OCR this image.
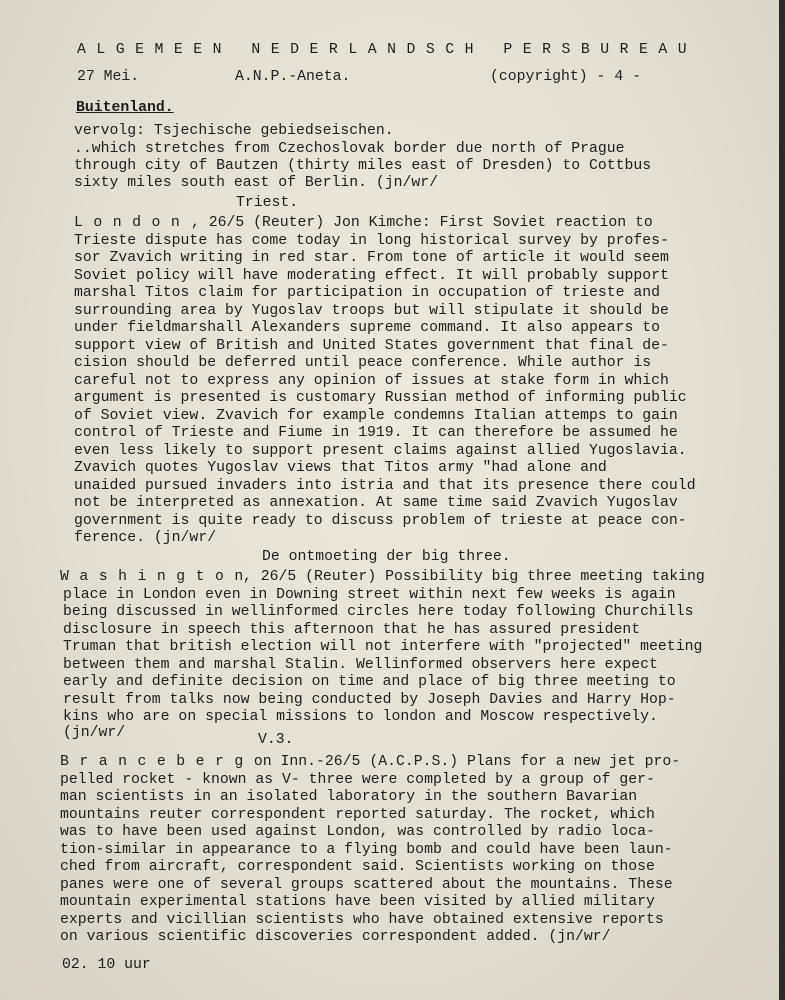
ALGEMEEN NEDERLANDSCH PERSBUREAU
27 Mei.	A.N.P.-Aneta.	(copyright) - 4 -
Buitenland.
vervolg: Tsjechische gebiedseischen.
..which stretches from Czechoslovak border due north of Prague
through city of Bautzen (thirty miles east of Dresden) to Cottbus
sixty miles south east of Berlin. (jn/wr/
Triest.
London , 26/5 (Reuter) Jon Kimche: First Soviet reaction to
Trieste dispute has come today in long historical survey by profes-
sor Zvavich writing in red star. From tone of article it would seem
Soviet policy will have moderating effect. It will probably support
marshal Titos claim for participation in occupation of trieste and
surrounding area by Yugoslav troops but will stipulate it should be
under fieldmarshall Alexanders supreme command. It also appears to
support view of British and United States government that final de-
cision should be deferred until peace conference. While author is
careful not to express any opinion of issues at stake form in which
argument is presented is customary Russian method of informing public
of Soviet view. Zvavich for example condemns Italian attemps to gain
control of Trieste and Fiume in 1919. It can therefore be assumed he
even less likely to support present claims against allied Yugoslavia.
Zvavich quotes Yugoslav views that Titos army "had alone and
unaided pursued invaders into istria and that its presence there could
not be interpreted as annexation. At same time said Zvavich Yugoslav
government is quite ready to discuss problem of trieste at peace con-
ference. (jn/wr/
De ontmoeting der big three.
Washington
, 26/5 (Reuter) Possibility big three meeting taking
place in London even in Downing street within next few weeks is again
being discussed in wellinformed circles here today following Churchills
disclosure in speech this afternoon that he has assured president
Truman that british election will not interfere with "projected" meeting
between them and marshal Stalin. Wellinformed observers here expect
early and definite decision on time and place of big three meeting to
result from talks now being conducted by Joseph Davies and Harry Hop-
kins who are on special missions to london and Moscow respectively.
(jn/wr/	V.3.
Branceberg
on Inn.-26/5 (A.C.P.S.) Plans for a new jet pro-
pelled rocket - known as V- three were completed by a group of ger-
man scientists in an isolated laboratory in the southern Bavarian
mountains reuter correspondent reported saturday. The rocket, which
was to have been used against London, was controlled by radio loca-
tion-similar in appearance to a flying bomb and could have been laun-
ched from aircraft, correspondent said. Scientists working on those
panes were one of several groups scattered about the mountains. These
mountain experimental stations have been visited by allied military
experts and vicillian scientists who have obtained extensive reports
on various scientific discoveries correspondent added. (jn/wr/
02. 10 uur
